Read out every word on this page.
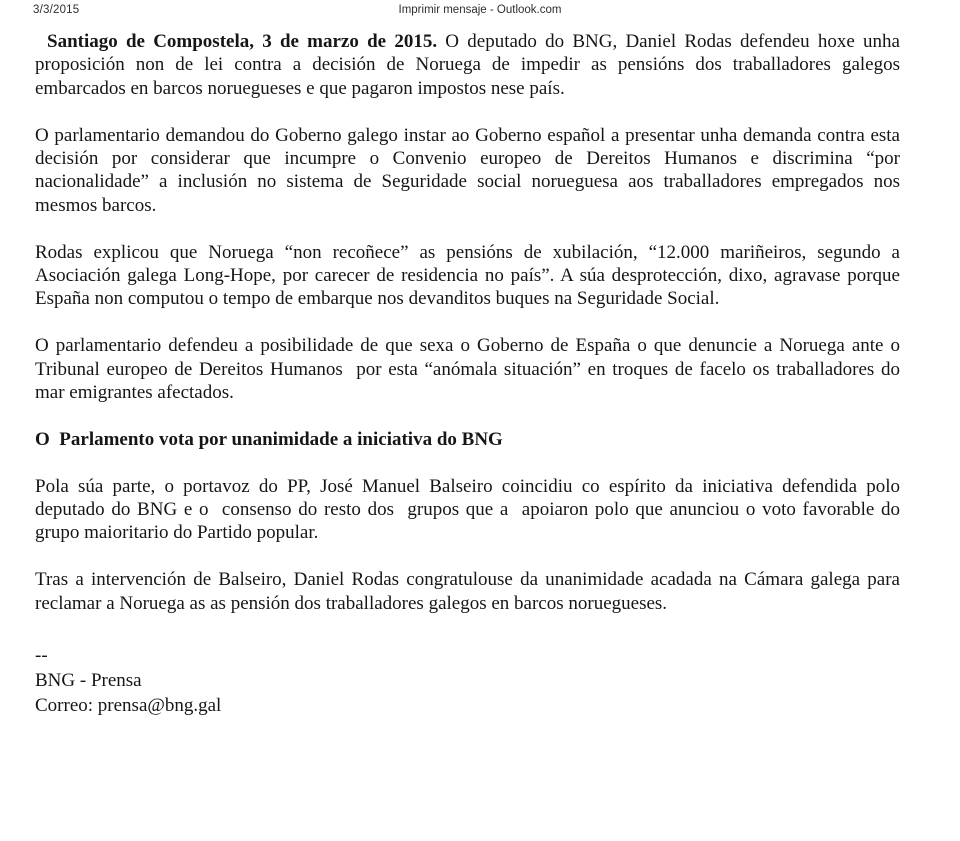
3/3/2015	Imprimir mensaje - Outlook.com

Santiago de Compostela, 3 de marzo de 2015. O deputado do BNG, Daniel Rodas defendeu hoxe unha proposición non de lei contra a decisión de Noruega de impedir as pensións dos traballadores galegos embarcados en barcos noruegueses e que pagaron impostos nese país.

O parlamentario demandou do Goberno galego instar ao Goberno español a presentar unha demanda contra esta decisión por considerar que incumpre o Convenio europeo de Dereitos Humanos e discrimina “por nacionalidade” a inclusión no sistema de Seguridade social norueguesa aos traballadores empregados nos mesmos barcos.

Rodas explicou que Noruega “non recoñece” as pensións de xubilación, “12.000 mariñeiros, segundo a Asociación galega Long-Hope, por carecer de residencia no país”. A súa desprotección, dixo, agravase porque España non computou o tempo de embarque nos devanditos buques na Seguridade Social.

O parlamentario defendeu a posibilidade de que sexa o Goberno de España o que denuncie a Noruega ante o Tribunal europeo de Dereitos Humanos  por esta “anómala situación” en troques de facelo os traballadores do mar emigrantes afectados.

O  Parlamento vota por unanimidade a iniciativa do BNG

Pola súa parte, o portavoz do PP, José Manuel Balseiro coincidiu co espírito da iniciativa defendida polo deputado do BNG e o  consenso do resto dos  grupos que a  apoiaron polo que anunciou o voto favorable do grupo maioritario do Partido popular.

Tras a intervención de Balseiro, Daniel Rodas congratulouse da unanimidade acadada na Cámara galega para reclamar a Noruega as as pensión dos traballadores galegos en barcos noruegueses.

--
BNG - Prensa
Correo: prensa@bng.gal
